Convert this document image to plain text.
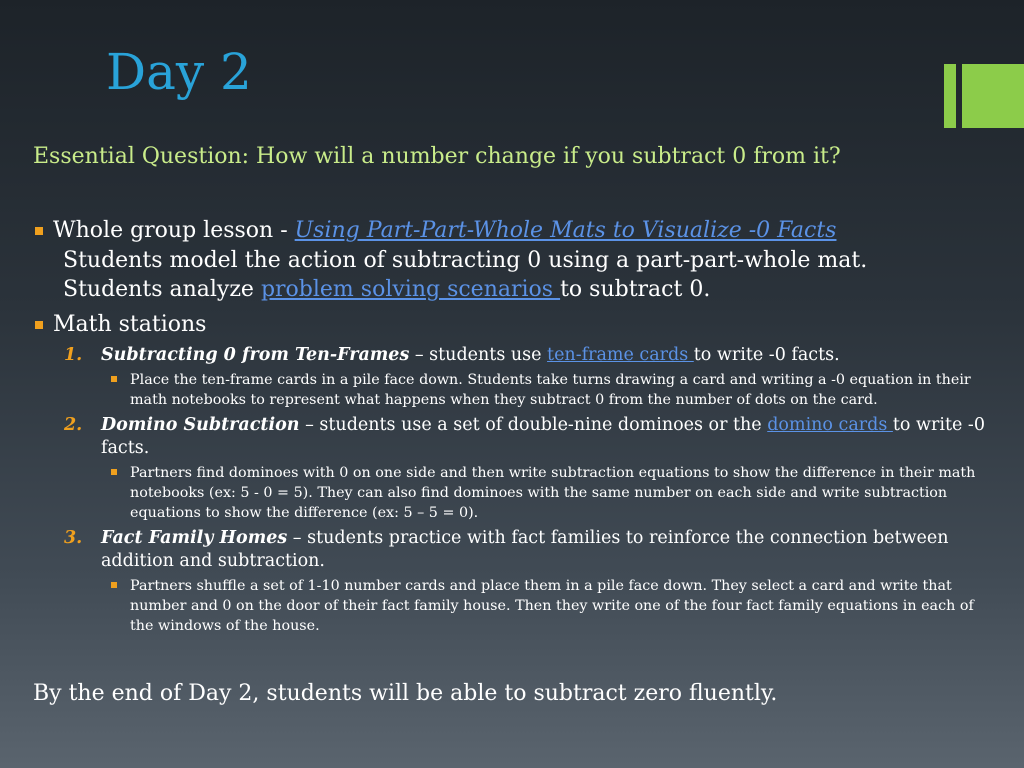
Day 2
Essential Question: How will a number change if you subtract 0 from it?
Whole group lesson - Using Part-Part-Whole Mats to Visualize -0 Facts
Students model the action of subtracting 0 using a part-part-whole mat.
Students analyze problem solving scenarios to subtract 0.
Math stations
1. Subtracting 0 from Ten-Frames – students use ten-frame cards to write -0 facts.
Place the ten-frame cards in a pile face down. Students take turns drawing a card and writing a -0 equation in their math notebooks to represent what happens when they subtract 0 from the number of dots on the card.
2. Domino Subtraction – students use a set of double-nine dominoes or the domino cards to write -0 facts.
Partners find dominoes with 0 on one side and then write subtraction equations to show the difference in their math notebooks (ex: 5 - 0 = 5). They can also find dominoes with the same number on each side and write subtraction equations to show the difference (ex: 5 – 5 = 0).
3. Fact Family Homes – students practice with fact families to reinforce the connection between addition and subtraction.
Partners shuffle a set of 1-10 number cards and place them in a pile face down. They select a card and write that number and 0 on the door of their fact family house. Then they write one of the four fact family equations in each of the windows of the house.
By the end of Day 2, students will be able to subtract zero fluently.
